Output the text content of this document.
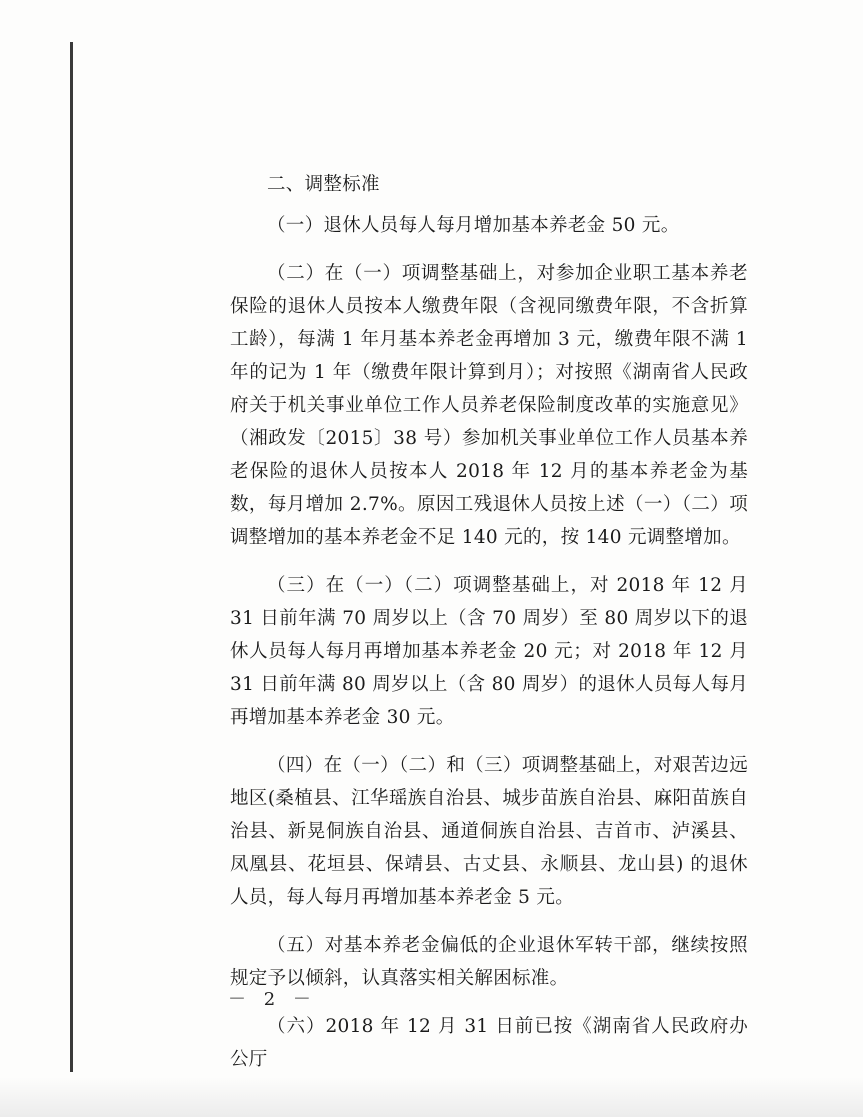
二、调整标准

（一）退休人员每人每月增加基本养老金 50 元。

（二）在（一）项调整基础上，对参加企业职工基本养老保险的退休人员按本人缴费年限（含视同缴费年限，不含折算工龄），每满 1 年月基本养老金再增加 3 元，缴费年限不满 1 年的记为 1 年（缴费年限计算到月）；对按照《湖南省人民政府关于机关事业单位工作人员养老保险制度改革的实施意见》（湘政发〔2015〕38 号）参加机关事业单位工作人员基本养老保险的退休人员按本人 2018 年 12 月的基本养老金为基数，每月增加 2.7%。原因工残退休人员按上述（一）（二）项调整增加的基本养老金不足 140 元的，按 140 元调整增加。

（三）在（一）（二）项调整基础上，对 2018 年 12 月 31 日前年满 70 周岁以上（含 70 周岁）至 80 周岁以下的退休人员每人每月再增加基本养老金 20 元；对 2018 年 12 月 31 日前年满 80 周岁以上（含 80 周岁）的退休人员每人每月再增加基本养老金 30 元。

（四）在（一）（二）和（三）项调整基础上，对艰苦边远地区(桑植县、江华瑶族自治县、城步苗族自治县、麻阳苗族自治县、新晃侗族自治县、通道侗族自治县、吉首市、泸溪县、凤凰县、花垣县、保靖县、古丈县、永顺县、龙山县) 的退休人员，每人每月再增加基本养老金 5 元。

（五）对基本养老金偏低的企业退休军转干部，继续按照规定予以倾斜，认真落实相关解困标准。

（六）2018 年 12 月 31 日前已按《湖南省人民政府办公厅

－ 2 －
